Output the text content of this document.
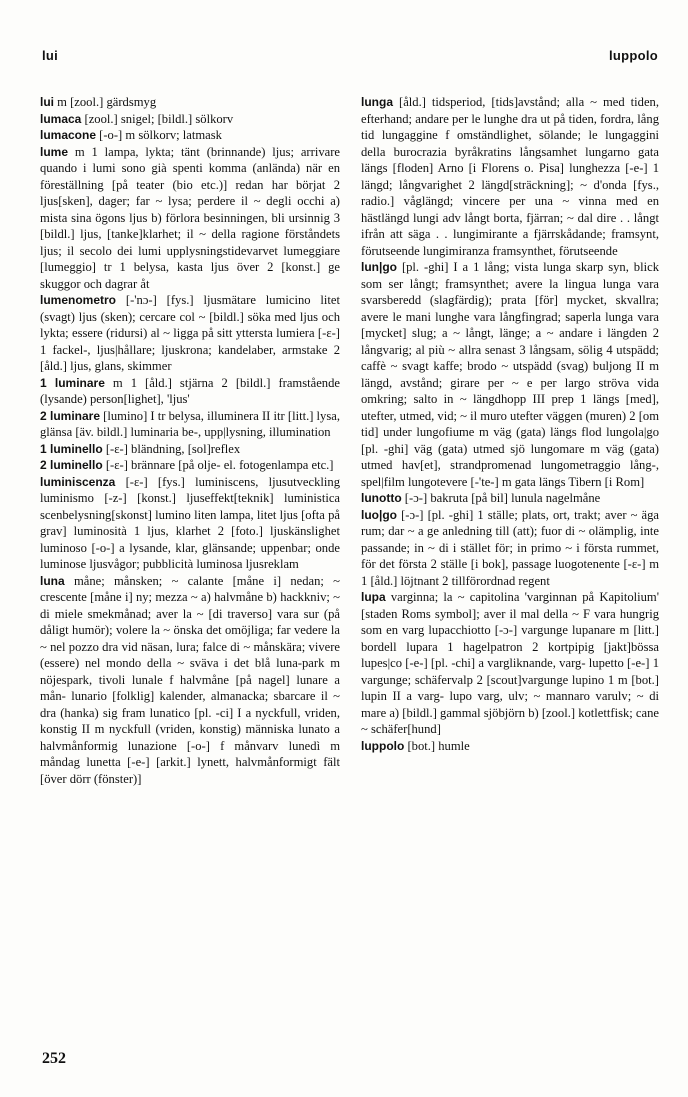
lui	luppolo

lui m [zool.] gärdsmyg

lumaca [zool.] snigel; [bildl.] sölkorv

lumacone [-o-] m sölkorv; latmask

lume m 1 lampa, lykta; tänt (brinnande) ljus; arrivare quando i lumi sono già spenti komma (anlända) när en föreställning [på teater (bio etc.)] redan har börjat 2 ljus[sken], dager; far ~ lysa; perdere il ~ degli occhi a) mista sina ögons ljus b) förlora besinningen, bli ursinnig 3 [bildl.] ljus, [tanke]klarhet; il ~ della ragione förståndets ljus; il secolo dei lumi upplysningstidevarvet lumeggiare [lumeggio] tr 1 belysa, kasta ljus över 2 [konst.] ge skuggor och dagrar åt

lumenometro [-'nɔ-] [fys.] ljusmätare lumicino litet (svagt) ljus (sken); cercare col ~ [bildl.] söka med ljus och lykta; essere (ridursi) al ~ ligga på sitt yttersta lumiera [-ɛ-] 1 fackel-, ljus|hållare; ljuskrona; kandelaber, armstake 2 [åld.] ljus, glans, skimmer

1 luminare m 1 [åld.] stjärna 2 [bildl.] framstående (lysande) person[lighet], 'ljus'

2 luminare [lumino] I tr belysa, illuminera II itr [litt.] lysa, glänsa [äv. bildl.] luminaria be-, upp|lysning, illumination

1 luminello [-ɛ-] bländning, [sol]reflex

2 luminello [-ɛ-] brännare [på olje- el. fotogenlampa etc.]

luminiscenza [-ɛ-] [fys.] luminiscens, ljusutveckling luminismo [-z-] [konst.] ljuseffekt[teknik] luministica scenbelysning[skonst] lumino liten lampa, litet ljus [ofta på grav] luminosità 1 ljus, klarhet 2 [foto.] ljuskänslighet luminoso [-o-] a lysande, klar, glänsande; uppenbar; onde luminose ljusvågor; pubblicità luminosa ljusreklam

luna måne; månsken; ~ calante [måne i] nedan; ~ crescente [måne i] ny; mezza ~ a) halvmåne b) hackkniv; ~ di miele smekmånad; aver la ~ [di traverso] vara sur (på dåligt humör); volere la ~ önska det omöjliga; far vedere la ~ nel pozzo dra vid näsan, lura; falce di ~ månskära; vivere (essere) nel mondo della ~ sväva i det blå luna-park m nöjespark, tivoli lunale f halvmåne [på nagel] lunare a mån- lunario [folklig] kalender, almanacka; sbarcare il ~ dra (hanka) sig fram lunatico [pl. -ci] I a nyckfull, vriden, konstig II m nyckfull (vriden, konstig) människa lunato a halvmånformig lunazione [-o-] f månvarv lunedì m måndag lunetta [-e-] [arkit.] lynett, halvmånformigt fält [över dörr (fönster)]

lunga [åld.] tidsperiod, [tids]avstånd; alla ~ med tiden, efterhand; andare per le lunghe dra ut på tiden, fordra, lång tid lungaggine f omständlighet, sölande; le lungaggini della burocrazia byråkratins långsamhet lungarno gata längs [floden] Arno [i Florens o. Pisa] lunghezza [-e-] 1 längd; långvarighet 2 längd[sträckning]; ~ d'onda [fys., radio.] våglängd; vincere per una ~ vinna med en hästlängd lungi adv långt borta, fjärran; ~ dal dire . . långt ifrån att säga . . lungimirante a fjärrskådande; framsynt, förutseende lungimiranza framsynthet, förutseende

lun|go [pl. -ghi] I a 1 lång; vista lunga skarp syn, blick som ser långt; framsynthet; avere la lingua lunga vara svarsberedd (slagfärdig); prata [för] mycket, skvallra; avere le mani lunghe vara långfingrad; saperla lunga vara [mycket] slug; a ~ långt, länge; a ~ andare i längden 2 långvarig; al più ~ allra senast 3 långsam, sölig 4 utspädd; caffè ~ svagt kaffe; brodo ~ utspädd (svag) buljong II m längd, avstånd; girare per ~ e per largo ströva vida omkring; salto in ~ längdhopp III prep 1 längs [med], utefter, utmed, vid; ~ il muro utefter väggen (muren) 2 [om tid] under lungofiume m väg (gata) längs flod lungola|go [pl. -ghi] väg (gata) utmed sjö lungomare m väg (gata) utmed hav[et], strandpromenad lungometraggio lång-, spel|film lungotevere [-'te-] m gata längs Tibern [i Rom]

lunotto [-ɔ-] bakruta [på bil] lunula nagelmåne

luo|go [-ɔ-] [pl. -ghi] 1 ställe; plats, ort, trakt; aver ~ äga rum; dar ~ a ge anledning till (att); fuor di ~ olämplig, inte passande; in ~ di i stället för; in primo ~ i första rummet, för det första 2 ställe [i bok], passage luogotenente [-ɛ-] m 1 [åld.] löjtnant 2 tillförordnad regent

lupa varginna; la ~ capitolina 'varginnan på Kapitolium' [staden Roms symbol]; aver il mal della ~ F vara hungrig som en varg lupacchiotto [-ɔ-] vargunge lupanare m [litt.] bordell lupara 1 hagelpatron 2 kortpipig [jakt]bössa lupes|co [-e-] [pl. -chi] a vargliknande, varg- lupetto [-e-] 1 vargunge; schäfervalp 2 [scout]vargunge lupino 1 m [bot.] lupin II a varg- lupo varg, ulv; ~ mannaro varulv; ~ di mare a) [bildl.] gammal sjöbjörn b) [zool.] kotlettfisk; cane ~ schäfer[hund]

luppolo [bot.] humle

252
